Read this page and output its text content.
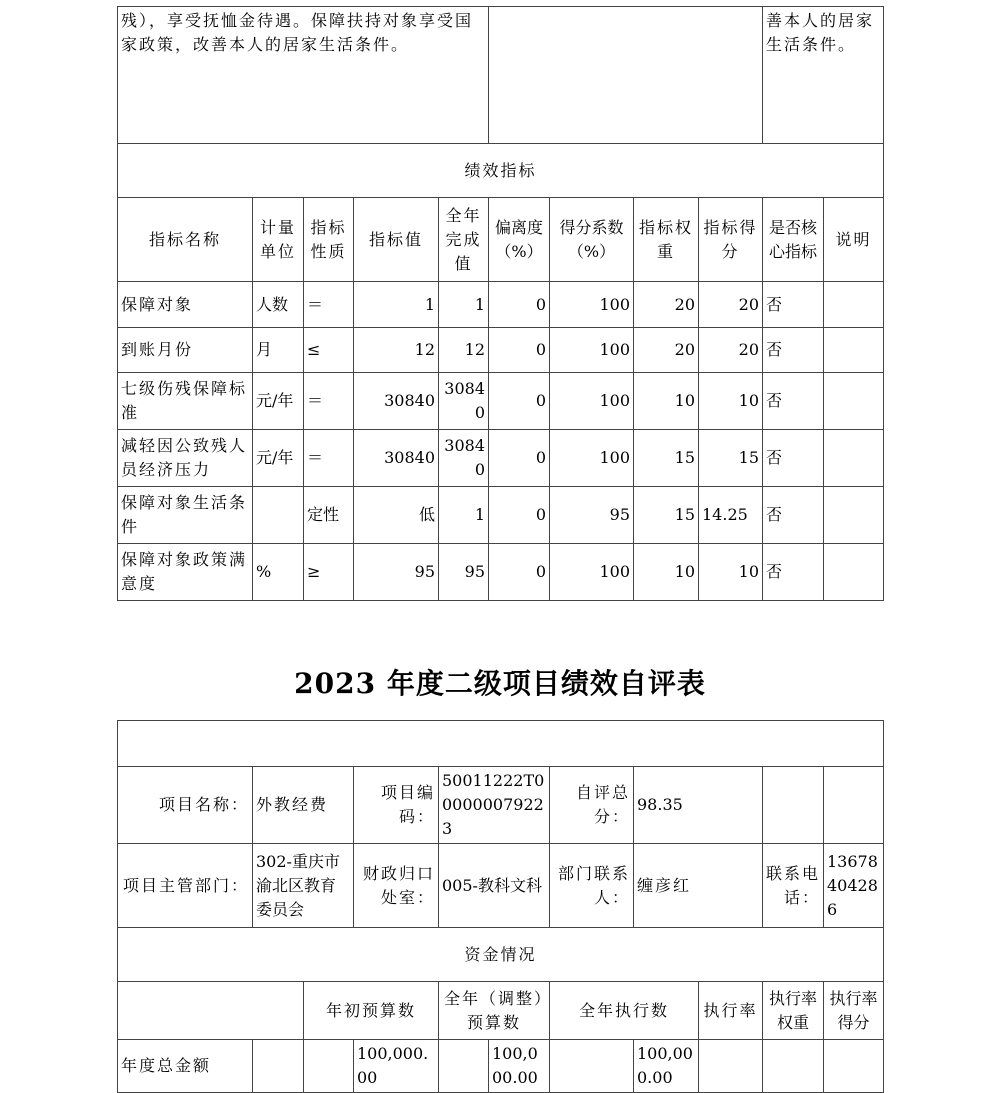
残），享受抚恤金待遇。保障扶持对象享受国家政策，改善本人的居家生活条件。									善本人的居家生活条件。	
绩效指标										
指标名称	计量单位	指标性质	指标值	全年完成值	偏离度（%）	得分系数（%）	指标权重	指标得分	是否核心指标	说明
保障对象	人数	＝	1	1	0	100	20	20	否	
到账月份	月	≤	12	12	0	100	20	20	否	
七级伤残保障标准	元/年	＝	30840	30840	0	100	10	10	否	
减轻因公致残人员经济压力	元/年	＝	30840	30840	0	100	15	15	否	
保障对象生活条件		定性	低	1	0	95	15	14.25	否	
保障对象政策满意度	%	≥	95	95	0	100	10	10	否	
2023 年度二级项目绩效自评表

项目名称：	外教经费		项目编码：	50011222T000000079223		自评总分：	98.35			
项目主管部门：	302-重庆市渝北区教育委员会		财政归口处室：	005-教科文科		部门联系人：	缠彦红		联系电话：	13678404286
资金情况										
		年初预算数		全年（调整）预算数		全年执行数		执行率	执行率权重	执行率得分
年度总金额			100,000.00		100,000.00		100,000.00			
